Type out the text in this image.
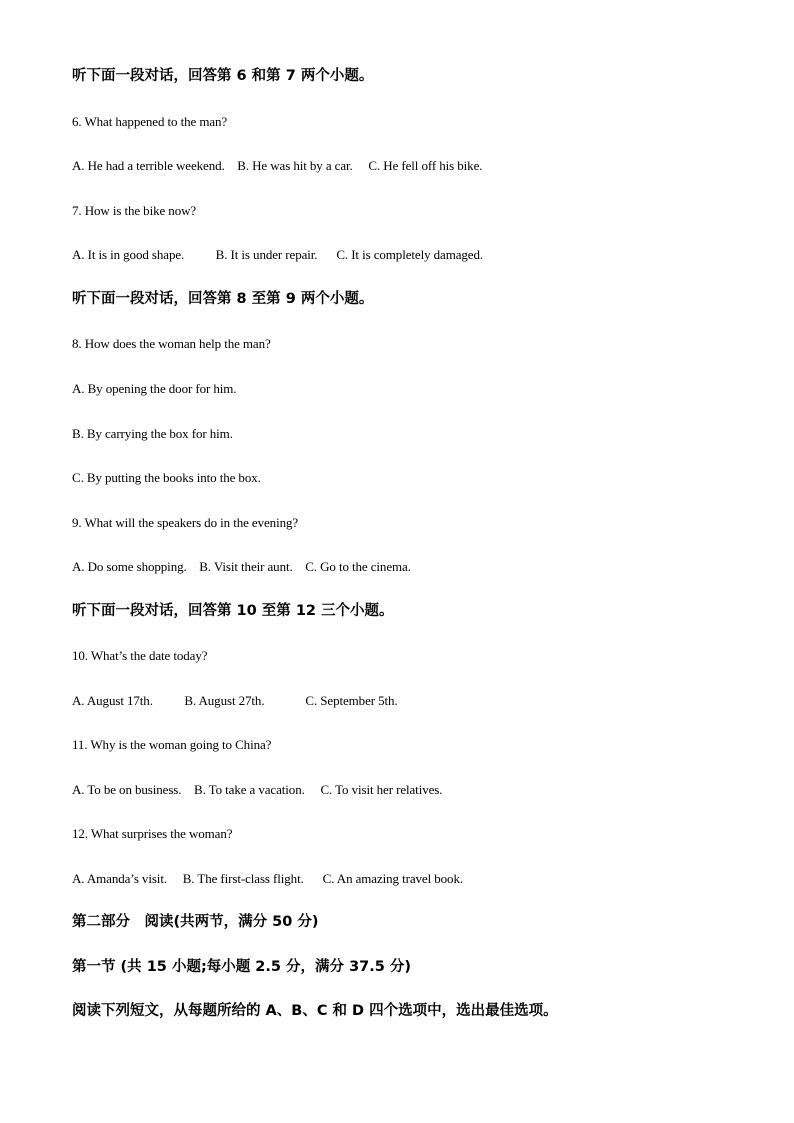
听下面一段对话，回答第 6 和第 7 两个小题。
6. What happened to the man?
A. He had a terrible weekend.    B. He was hit by a car.     C. He fell off his bike.
7. How is the bike now?
A. It is in good shape.          B. It is under repair.      C. It is completely damaged.
听下面一段对话，回答第 8 至第 9 两个小题。
8. How does the woman help the man?
A. By opening the door for him.
B. By carrying the box for him.
C. By putting the books into the box.
9. What will the speakers do in the evening?
A. Do some shopping.    B. Visit their aunt.    C. Go to the cinema.
听下面一段对话，回答第 10 至第 12 三个小题。
10. What’s the date today?
A. August 17th.          B. August 27th.             C. September 5th.
11. Why is the woman going to China?
A. To be on business.    B. To take a vacation.     C. To visit her relatives.
12. What surprises the woman?
A. Amanda’s visit.     B. The first-class flight.      C. An amazing travel book.
第二部分　阅读(共两节，满分 50 分)
第一节 (共 15 小题;每小题 2.5 分，满分 37.5 分)
阅读下列短文，从每题所给的 A、B、C 和 D 四个选项中，选出最佳选项。
